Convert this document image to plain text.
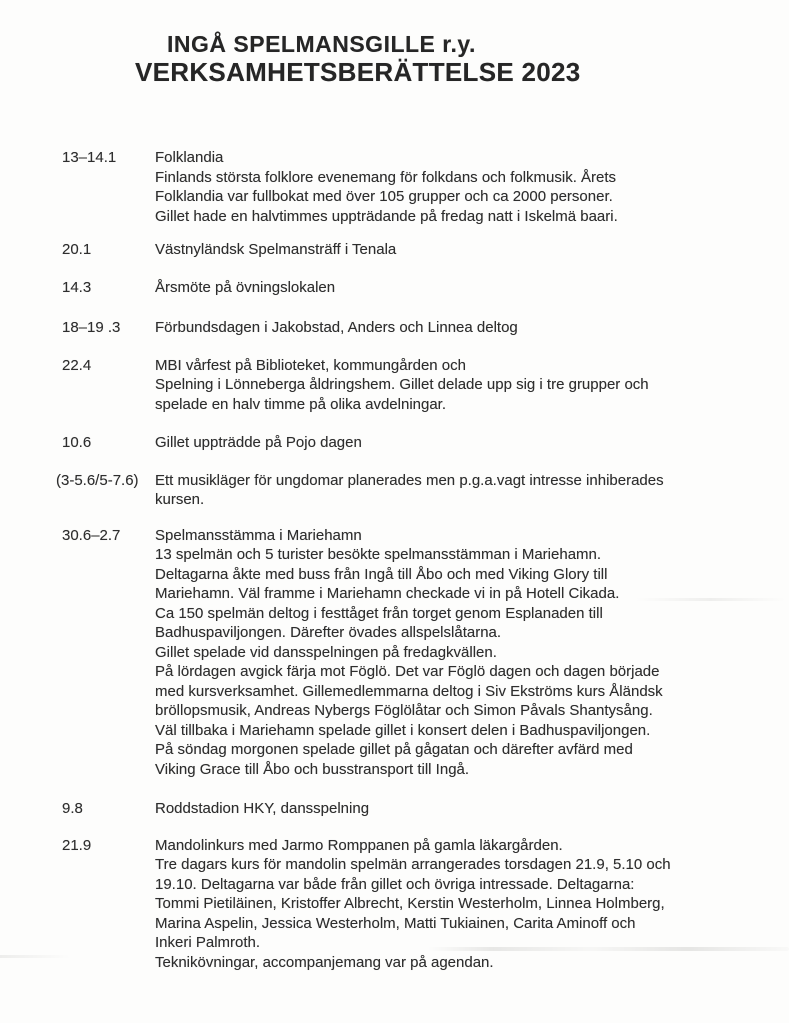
INGÅ SPELMANSGILLE r.y.
VERKSAMHETSBERÄTTELSE 2023
13–14.1	Folklandia
Finlands största folklore evenemang för folkdans och folkmusik. Årets
Folklandia var fullbokat med över 105 grupper och ca 2000 personer.
Gillet hade en halvtimmes uppträdande på fredag natt i Iskelmä baari.
20.1	Västnyländsk Spelmansträff i Tenala
14.3	Årsmöte på övningslokalen
18–19 .3	Förbundsdagen i Jakobstad, Anders och Linnea deltog
22.4	MBI vårfest på Biblioteket, kommungården och
Spelning i Lönneberga åldringshem. Gillet delade upp sig i tre grupper och
spelade en halv timme på olika avdelningar.
10.6	Gillet uppträdde på Pojo dagen
(3-5.6/5-7.6)	Ett musikläger för ungdomar planerades men p.g.a.vagt intresse inhiberades
kursen.
30.6–2.7	Spelmansstämma i Mariehamn
13 spelmän och 5 turister besökte spelmansstämman i Mariehamn.
Deltagarna åkte med buss från Ingå till Åbo och med Viking Glory till
Mariehamn. Väl framme i Mariehamn checkade vi in på Hotell Cikada.
Ca 150 spelmän deltog i festtåget från torget genom Esplanaden till
Badhuspaviljongen. Därefter övades allspelslåtarna.
Gillet spelade vid dansspelningen på fredagkvällen.
På lördagen avgick färja mot Föglö. Det var Föglö dagen och dagen började
med kursverksamhet. Gillemedlemmarna deltog i Siv Ekströms kurs Åländsk
bröllopsmusik, Andreas Nybergs Föglölåtar och Simon Påvals Shantysång.
Väl tillbaka i Mariehamn spelade gillet i konsert delen i Badhuspaviljongen.
På söndag morgonen spelade gillet på gågatan och därefter avfärd med
Viking Grace till Åbo och busstransport till Ingå.
9.8	Roddstadion HKY, dansspelning
21.9	Mandolinkurs med Jarmo Romppanen på gamla läkargården.
Tre dagars kurs för mandolin spelmän arrangerades torsdagen 21.9, 5.10 och
19.10. Deltagarna var både från gillet och övriga intressade. Deltagarna:
Tommi Pietiläinen, Kristoffer Albrecht, Kerstin Westerholm, Linnea Holmberg,
Marina Aspelin, Jessica Westerholm, Matti Tukiainen, Carita Aminoff och
Inkeri Palmroth.
Teknikövningar, accompanjemang var på agendan.
